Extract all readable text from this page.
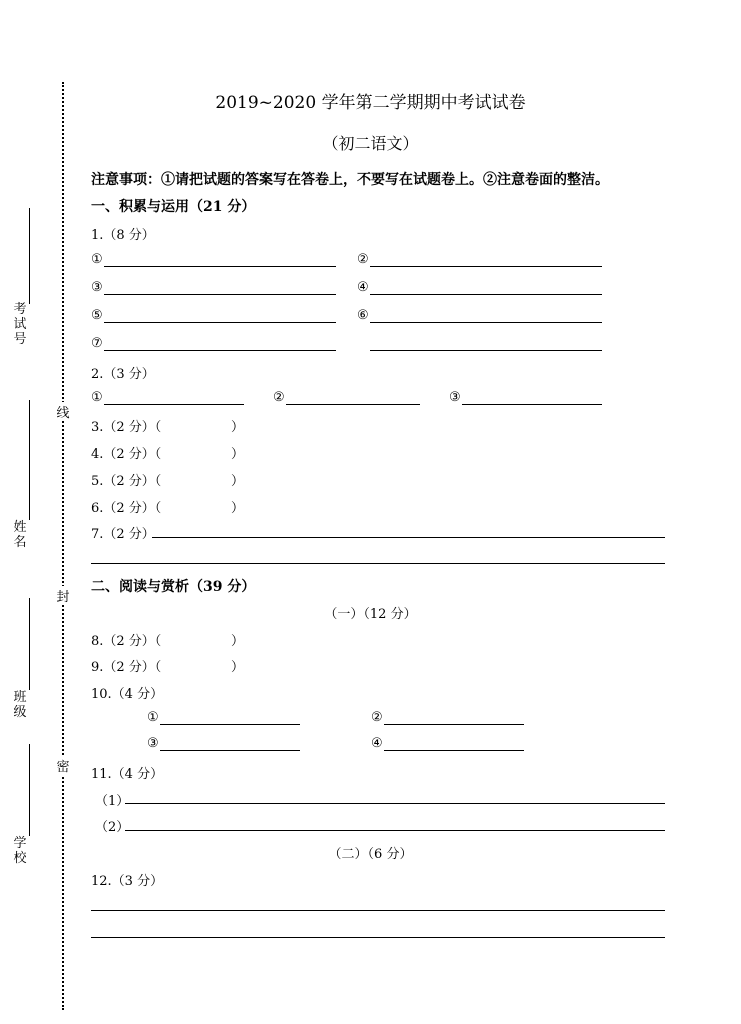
考
试
号
姓
名
班
级
学
校
线
封
密
2019~2020 学年第二学期期中考试试卷
（初二语文）
注意事项：①请把试题的答案写在答卷上，不要写在试题卷上。②注意卷面的整洁。
一、积累与运用（21 分）
1.（8 分）
①	②
③	④
⑤	⑥
⑦
2.（3 分）
①	②	③
3.（2 分）（	）
4.（2 分）（	）
5.（2 分）（	）
6.（2 分）（	）
7.（2 分）
二、阅读与赏析（39 分）
（一）（12 分）
8.（2 分）（	）
9.（2 分）（	）
10.（4 分）
①	②
③	④
11.（4 分）
（1）
（2）
（二）（6 分）
12.（3 分）
